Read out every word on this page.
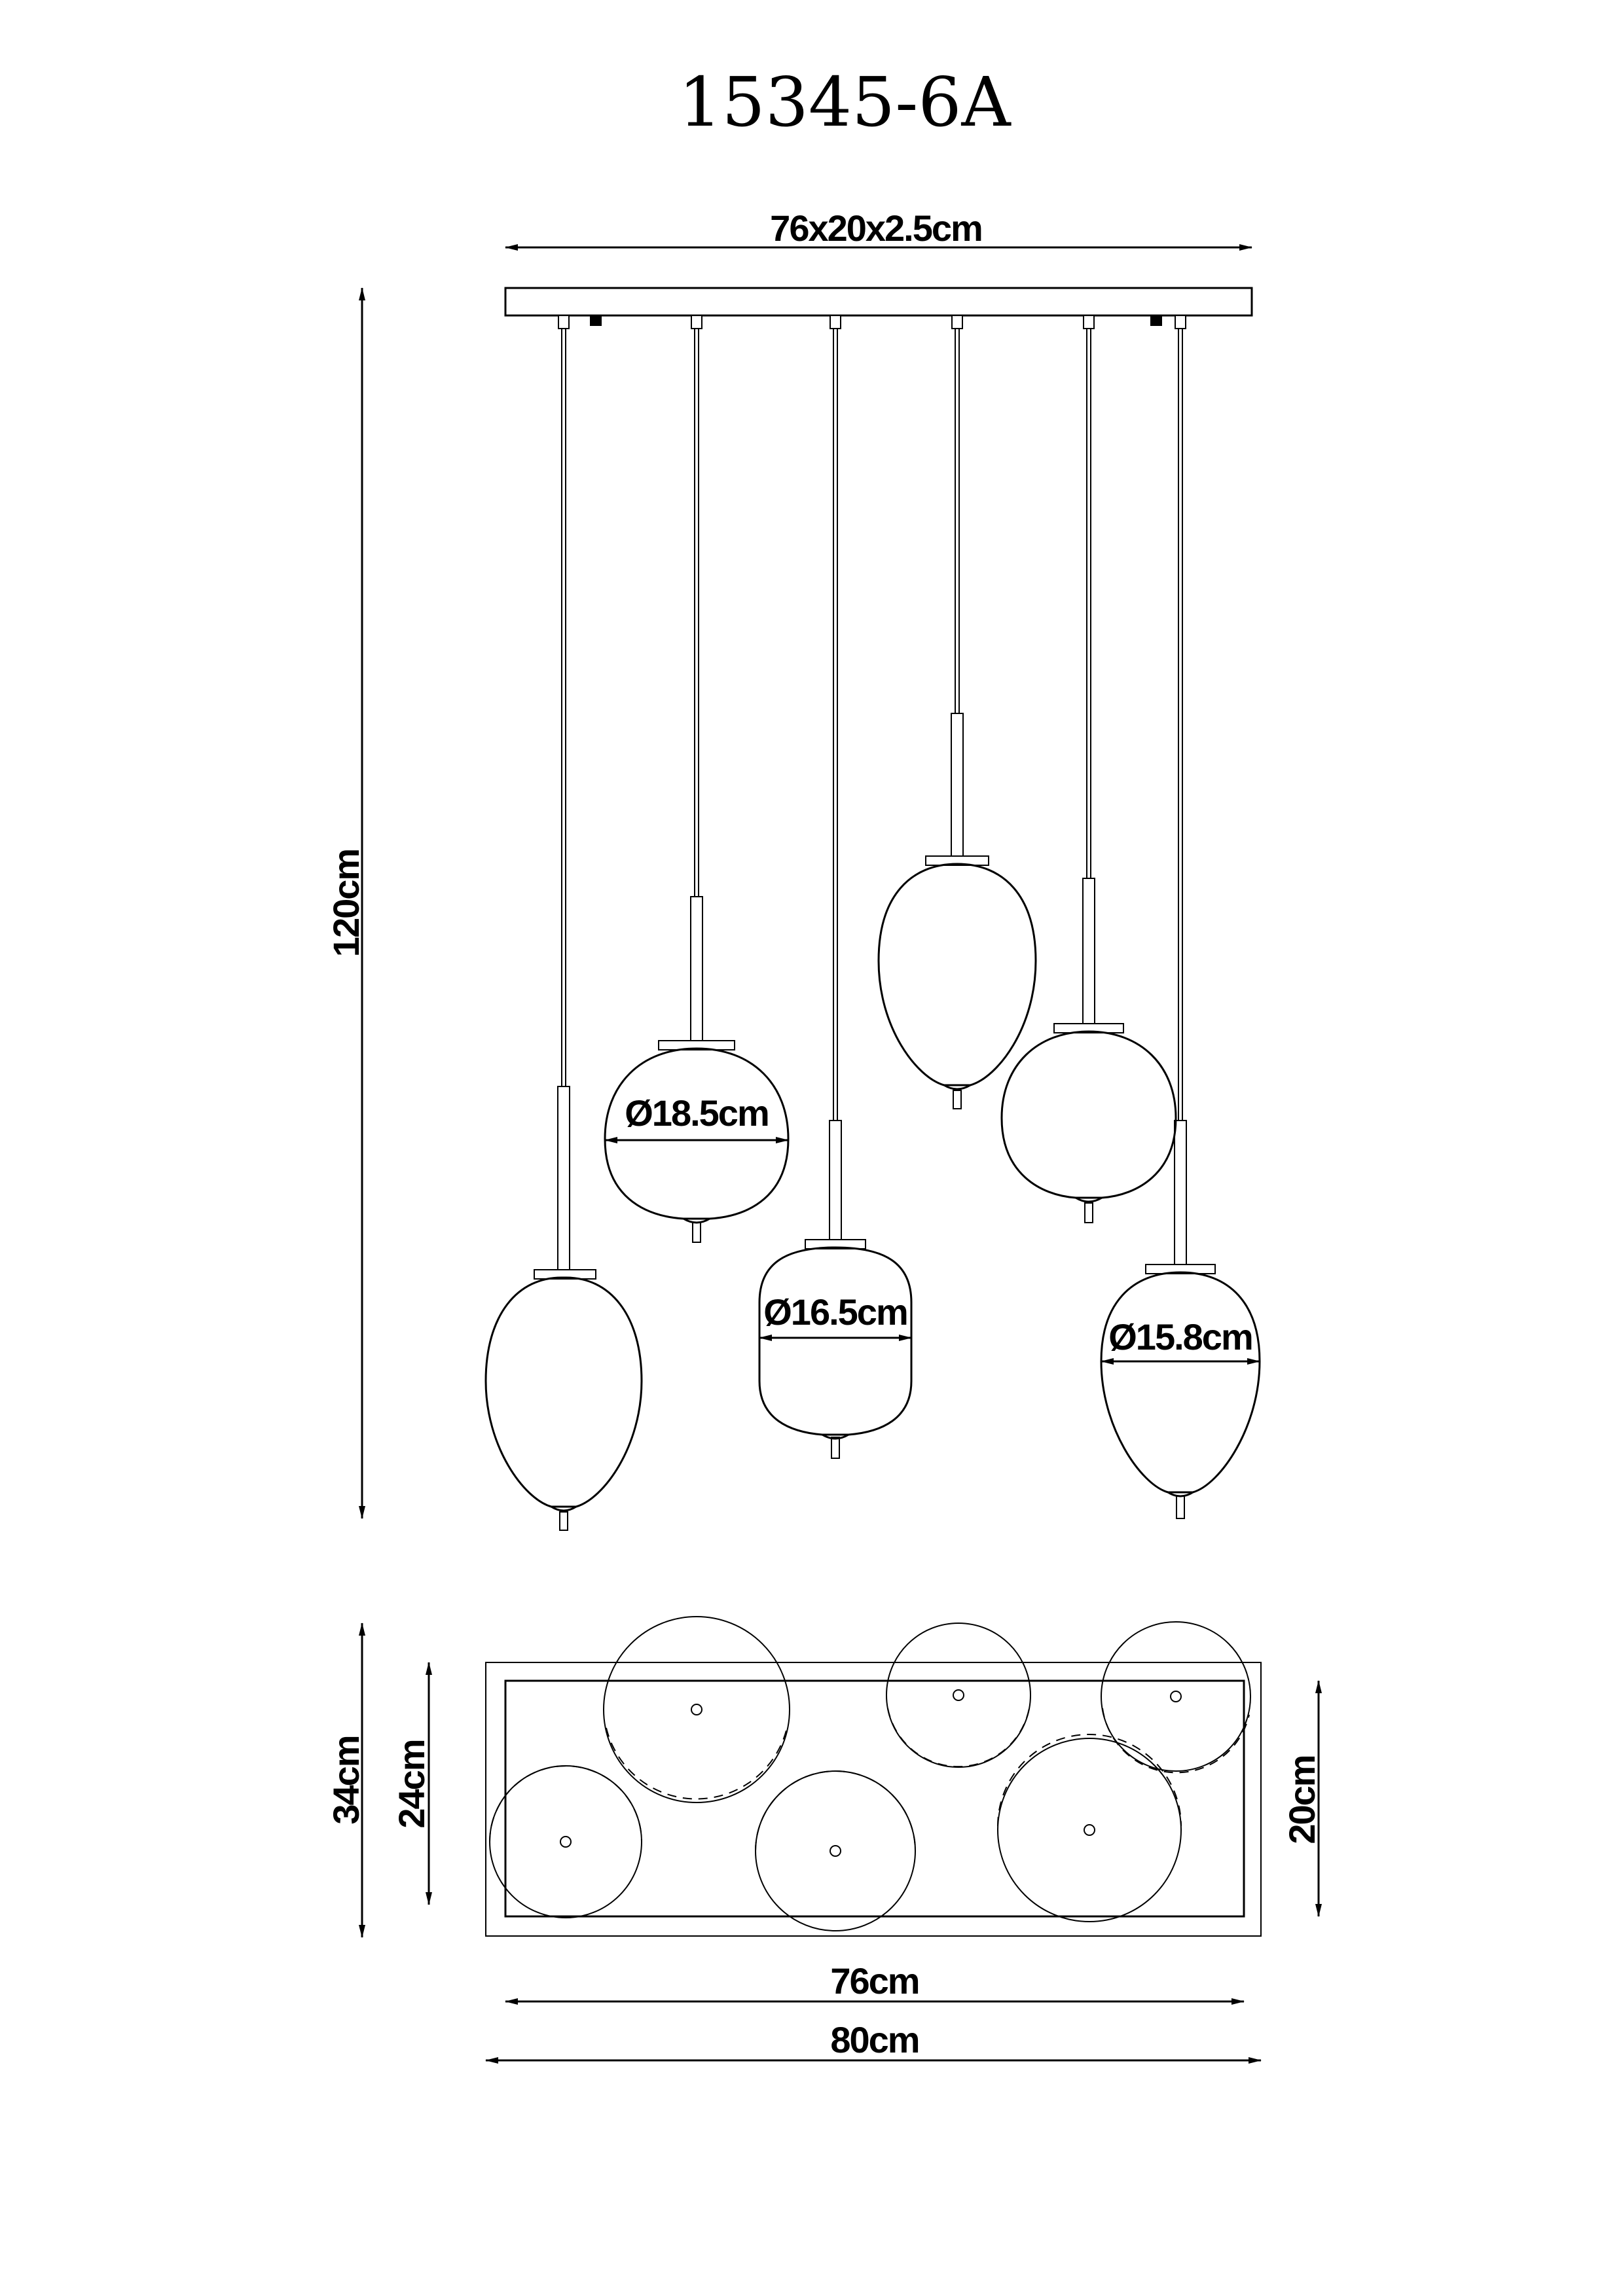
15345-6A
76x20x2.5cm
120cm
Ø18.5cm
Ø16.5cm
Ø15.8cm
34cm 24cm	20cm
76cm
80cm
